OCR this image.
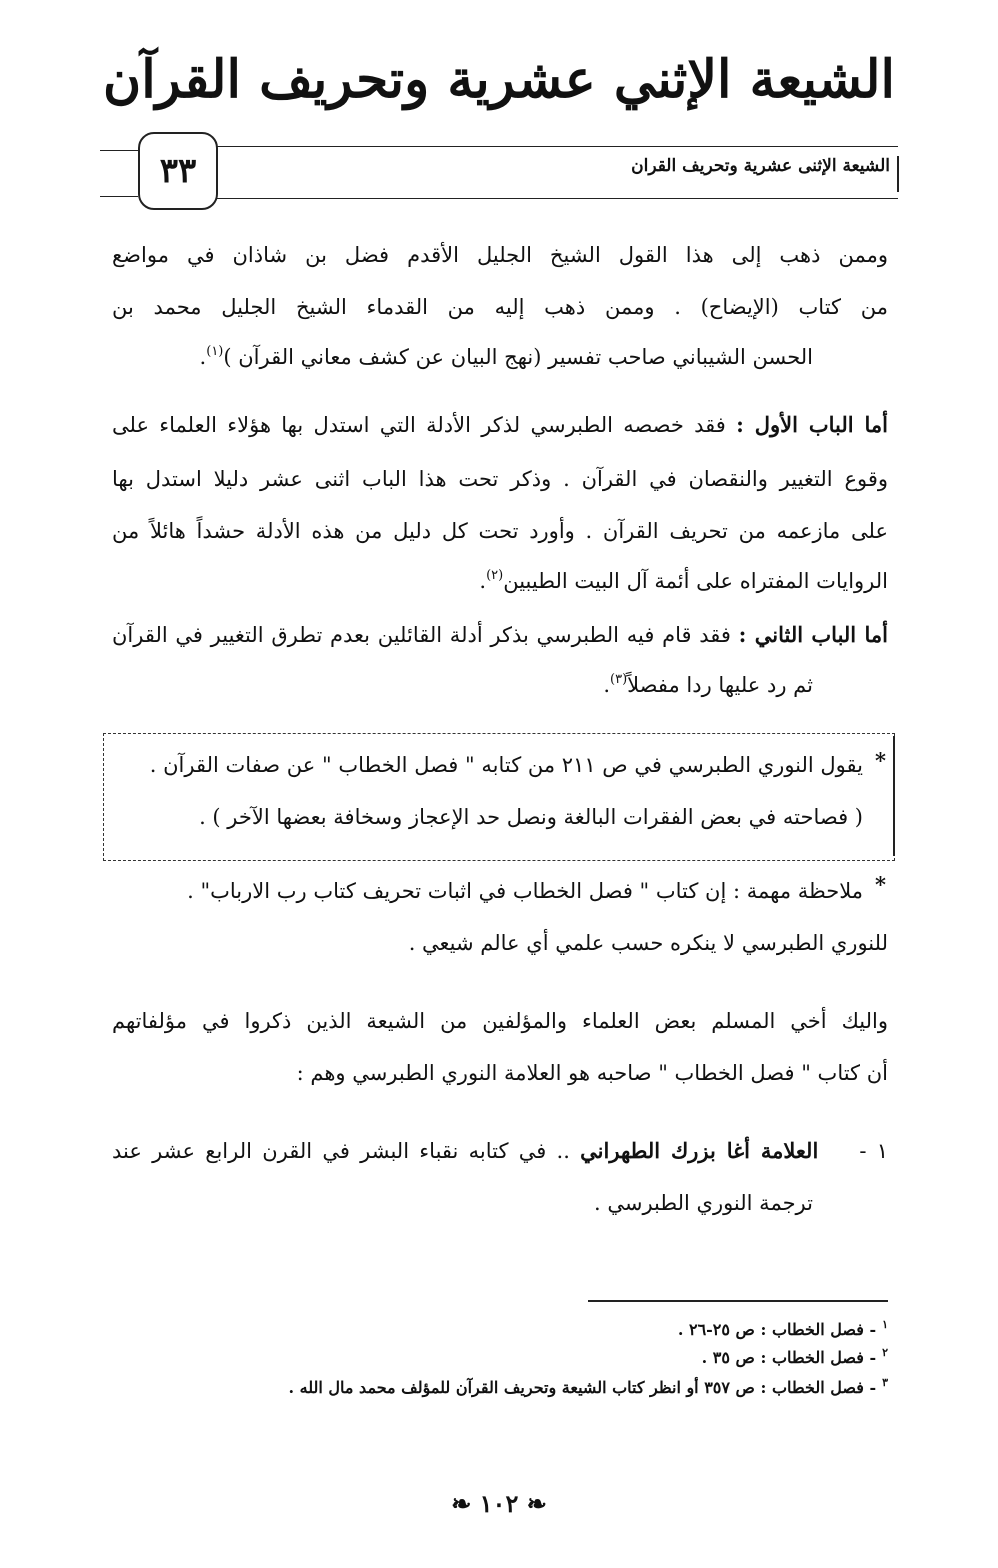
الشيعة الإثني عشرية وتحريف القرآن
٣٣	الشيعة الإثنى عشرية وتحريف القران
وممن ذهب إلى هذا القول الشيخ الجليل الأقدم فضل بن شاذان في مواضع
من كتاب (الإيضاح) . وممن ذهب إليه من القدماء الشيخ الجليل محمد بن
الحسن الشيباني صاحب تفسير (نهج البيان عن كشف معاني القرآن )$^{(١)}$.
أما الباب الأول : فقد خصصه الطبرسي لذكر الأدلة التي استدل بها هؤلاء العلماء على
وقوع التغيير والنقصان في القرآن . وذكر تحت هذا الباب اثنى عشر دليلا استدل بها
على مازعمه من تحريف القرآن . وأورد تحت كل دليل من هذه الأدلة حشداً هائلاً من
الروايات المفتراه على أئمة آل البيت الطيبين$^{(٢)}$.
أما الباب الثاني : فقد قام فيه الطبرسي بذكر أدلة القائلين بعدم تطرق التغيير في القرآن
ثم رد عليها ردا مفصلاً$^{(٣)}$.
*
يقول النوري الطبرسي في ص ٢١١ من كتابه " فصل الخطاب " عن صفات القرآن .
( فصاحته في بعض الفقرات البالغة ونصل حد الإعجاز وسخافة بعضها الآخر ) .
*
ملاحظة مهمة : إن كتاب " فصل الخطاب في اثبات تحريف كتاب رب الارباب" .
للنوري الطبرسي لا ينكره حسب علمي أي عالم شيعي .
واليك أخي المسلم بعض العلماء والمؤلفين من الشيعة الذين ذكروا في مؤلفاتهم
أن كتاب " فصل الخطاب " صاحبه هو العلامة النوري الطبرسي وهم :
١ -    العلامة أغا بزرك الطهراني .. في كتابه نقباء البشر في القرن الرابع عشر عند
ترجمة النوري الطبرسي .
$^١$- فصل الخطاب : ص ٢٥-٢٦ .
$^٢$- فصل الخطاب : ص ٣٥ .
$^٣$- فصل الخطاب : ص ٣٥٧ أو انظر كتاب الشيعة وتحريف القرآن للمؤلف محمد مال الله .
❧ ١٠٢ ❧
